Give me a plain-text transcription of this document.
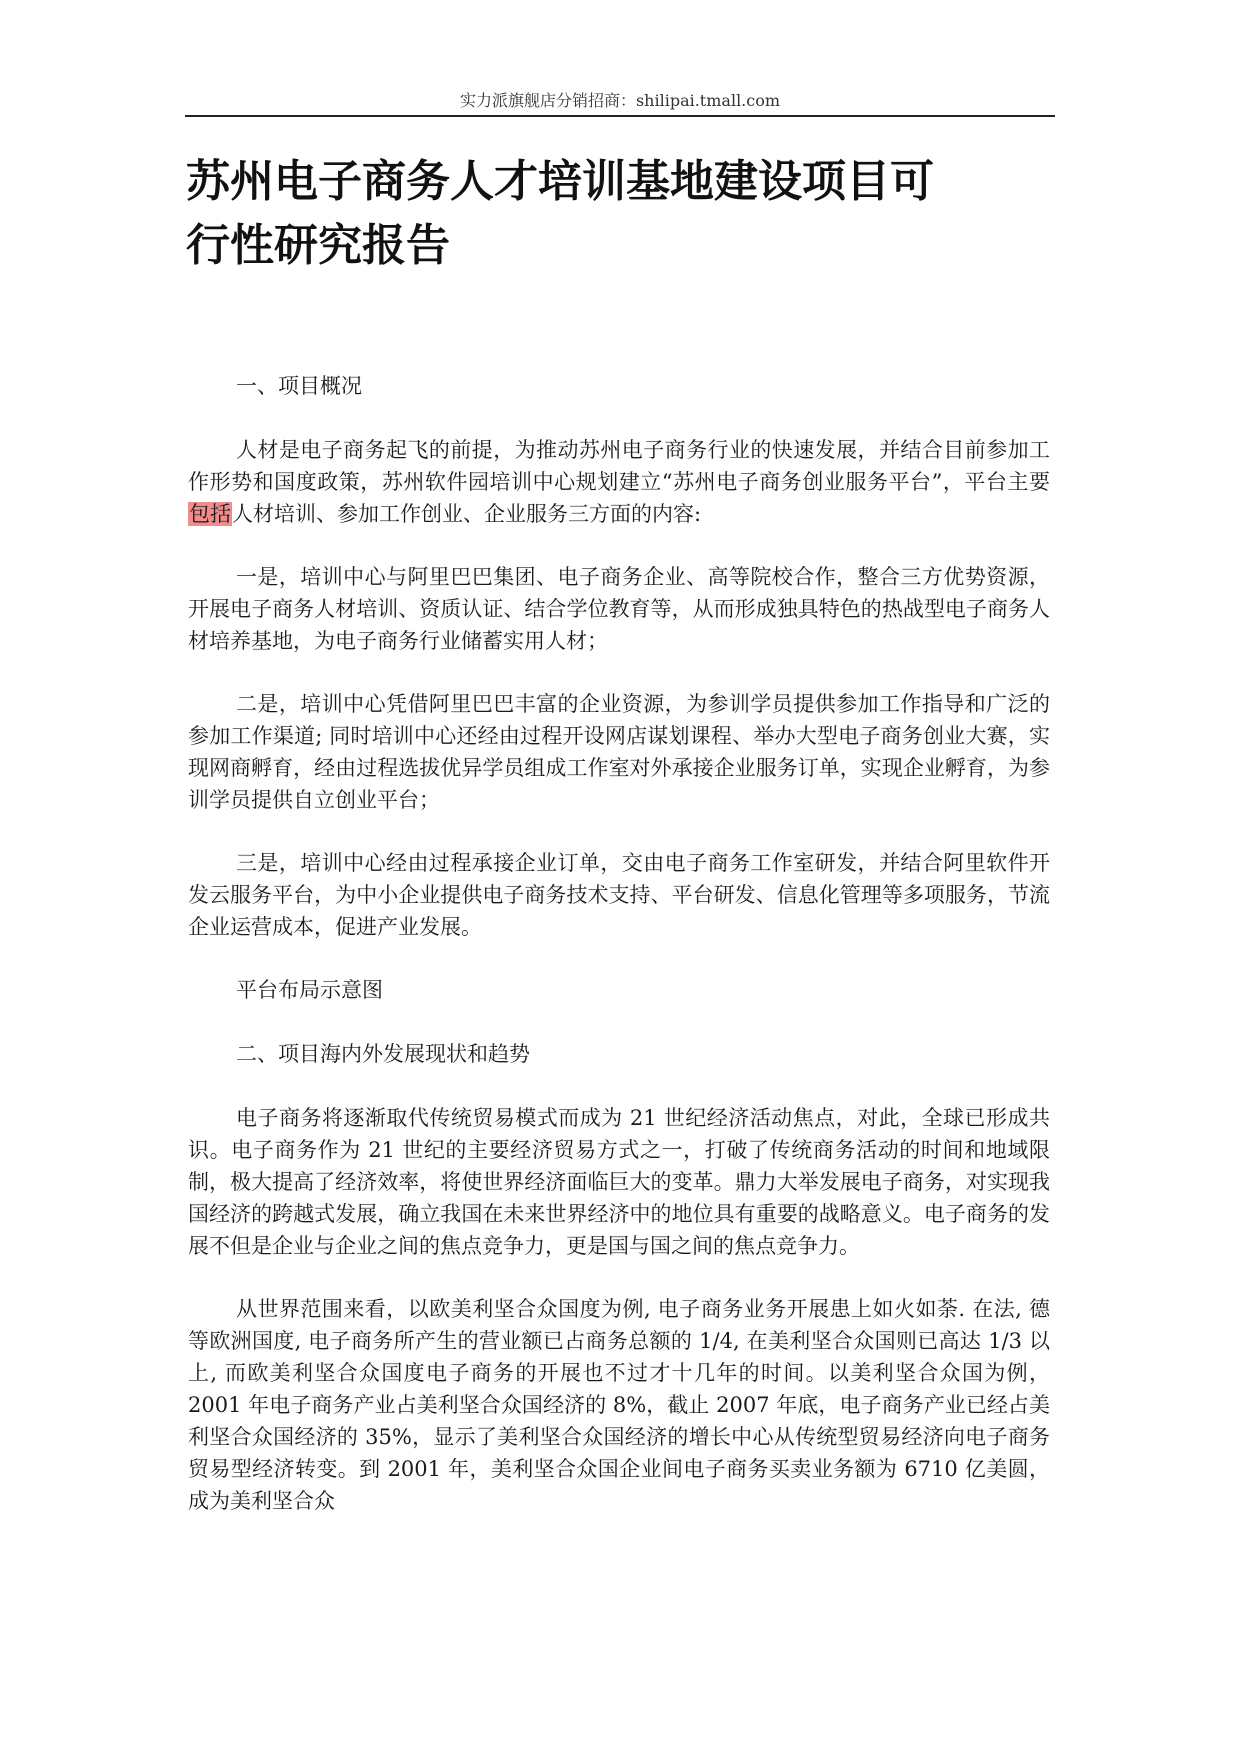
实力派旗舰店分销招商：shilipai.tmall.com
苏州电子商务人才培训基地建设项目可
行性研究报告

一、项目概况

人材是电子商务起飞的前提，为推动苏州电子商务行业的快速发展，并结合目前参加工作形势和国度政策，苏州软件园培训中心规划建立“苏州电子商务创业服务平台”，平台主要包括人材培训、参加工作创业、企业服务三方面的内容:

一是，培训中心与阿里巴巴集团、电子商务企业、高等院校合作，整合三方优势资源，开展电子商务人材培训、资质认证、结合学位教育等，从而形成独具特色的热战型电子商务人材培养基地，为电子商务行业储蓄实用人材；

二是，培训中心凭借阿里巴巴丰富的企业资源，为参训学员提供参加工作指导和广泛的参加工作渠道; 同时培训中心还经由过程开设网店谋划课程、举办大型电子商务创业大赛，实现网商孵育，经由过程选拔优异学员组成工作室对外承接企业服务订单，实现企业孵育，为参训学员提供自立创业平台；

三是，培训中心经由过程承接企业订单，交由电子商务工作室研发，并结合阿里软件开发云服务平台，为中小企业提供电子商务技术支持、平台研发、信息化管理等多项服务，节流企业运营成本，促进产业发展。

平台布局示意图

二、项目海内外发展现状和趋势

电子商务将逐渐取代传统贸易模式而成为 21 世纪经济活动焦点，对此，全球已形成共识。电子商务作为 21 世纪的主要经济贸易方式之一，打破了传统商务活动的时间和地域限制，极大提高了经济效率，将使世界经济面临巨大的变革。鼎力大举发展电子商务，对实现我国经济的跨越式发展，确立我国在未来世界经济中的地位具有重要的战略意义。电子商务的发展不但是企业与企业之间的焦点竞争力，更是国与国之间的焦点竞争力。

从世界范围来看，以欧美利坚合众国度为例, 电子商务业务开展患上如火如荼. 在法, 德等欧洲国度, 电子商务所产生的营业额已占商务总额的 1/4, 在美利坚合众国则已高达 1/3 以上, 而欧美利坚合众国度电子商务的开展也不过才十几年的时间。以美利坚合众国为例，2001 年电子商务产业占美利坚合众国经济的 8%，截止 2007 年底，电子商务产业已经占美利坚合众国经济的 35%，显示了美利坚合众国经济的增长中心从传统型贸易经济向电子商务贸易型经济转变。到 2001 年，美利坚合众国企业间电子商务买卖业务额为 6710 亿美圆，成为美利坚合众
